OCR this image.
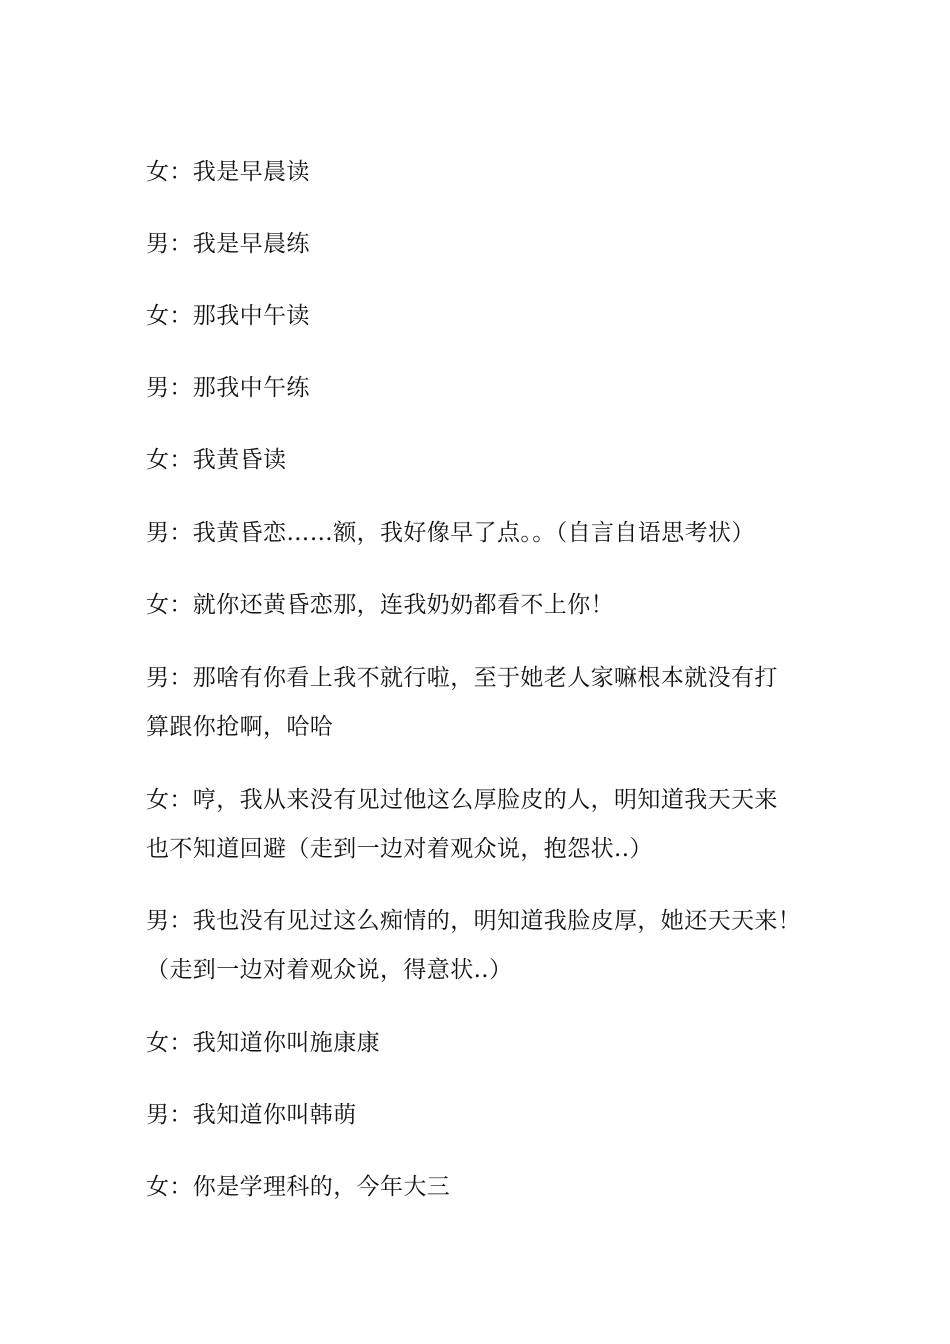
女：我是早晨读
男：我是早晨练
女：那我中午读
男：那我中午练
女：我黄昏读
男：我黄昏恋……额，我好像早了点。。（自言自语思考状）
女：就你还黄昏恋那，连我奶奶都看不上你！
男：那啥有你看上我不就行啦，至于她老人家嘛根本就没有打
算跟你抢啊，哈哈
女：哼，我从来没有见过他这么厚脸皮的人，明知道我天天来
也不知道回避（走到一边对着观众说，抱怨状..）
男：我也没有见过这么痴情的，明知道我脸皮厚，她还天天来！
（走到一边对着观众说，得意状..）
女：我知道你叫施康康
男：我知道你叫韩萌
女：你是学理科的，今年大三
